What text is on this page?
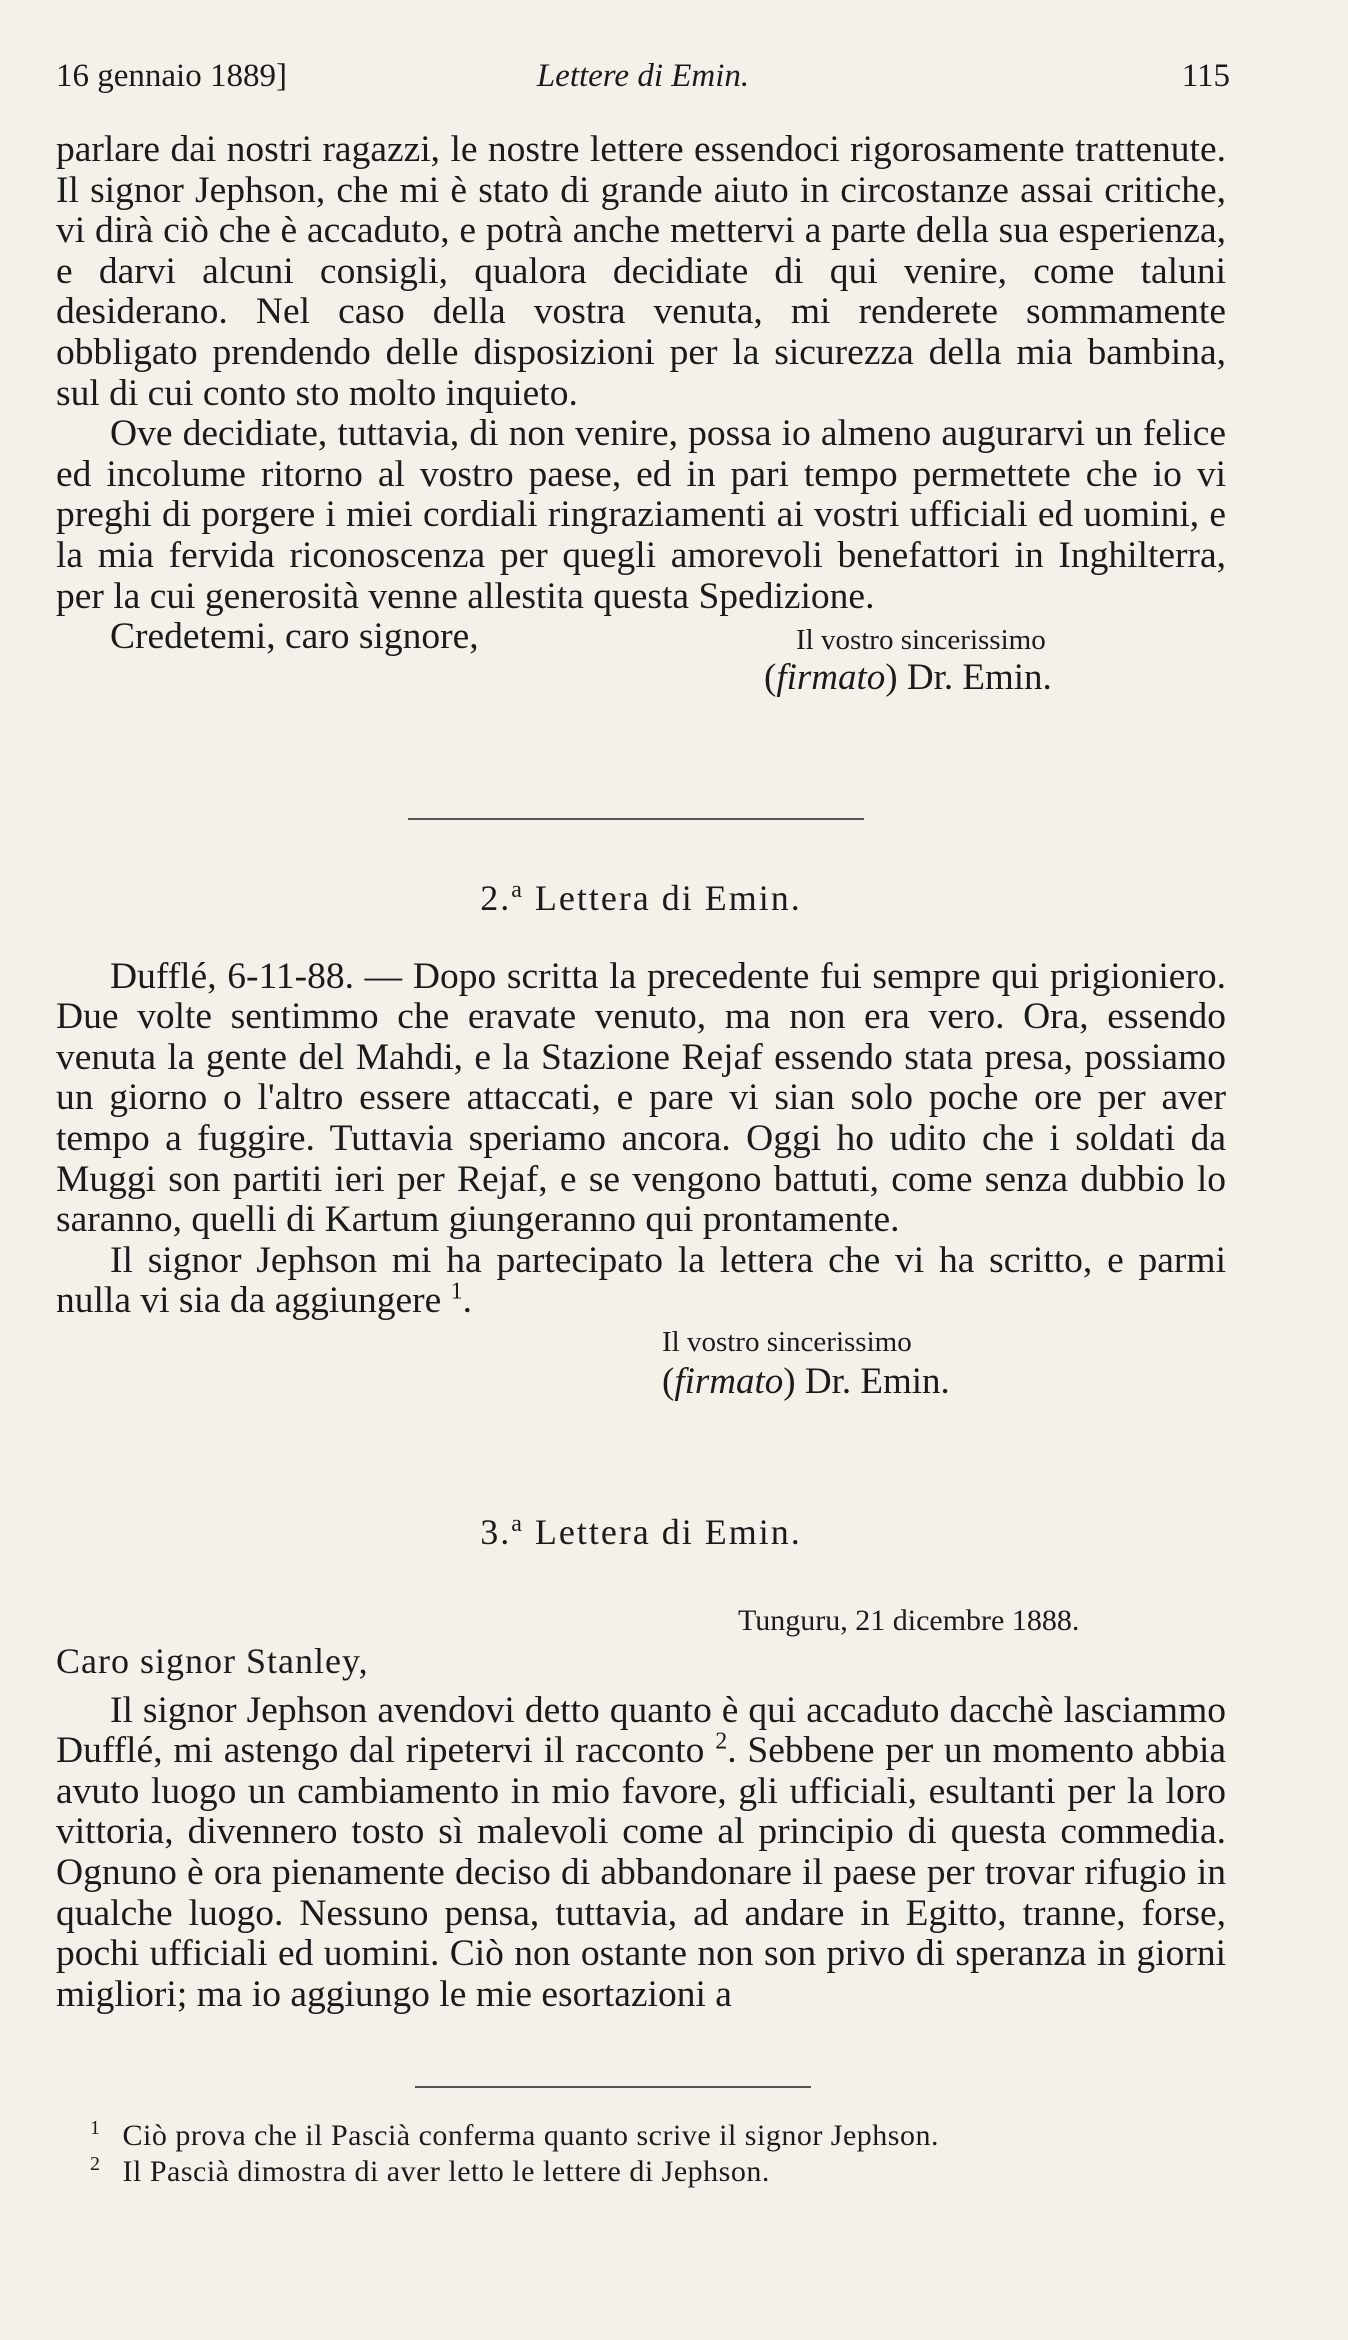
16 gennaio 1889]	Lettere di Emin.	115

parlare dai nostri ragazzi, le nostre lettere essendoci rigorosamente trattenute. Il signor Jephson, che mi è stato di grande aiuto in circostanze assai critiche, vi dirà ciò che è accaduto, e potrà anche mettervi a parte della sua esperienza, e darvi alcuni consigli, qualora decidiate di qui venire, come taluni desiderano. Nel caso della vostra venuta, mi renderete sommamente obbligato prendendo delle disposizioni per la sicurezza della mia bambina, sul di cui conto sto molto inquieto.

Ove decidiate, tuttavia, di non venire, possa io almeno augurarvi un felice ed incolume ritorno al vostro paese, ed in pari tempo permettete che io vi preghi di porgere i miei cordiali ringraziamenti ai vostri ufficiali ed uomini, e la mia fervida riconoscenza per quegli amorevoli benefattori in Inghilterra, per la cui generosità venne allestita questa Spedizione.

Credetemi, caro signore,	Il vostro sincerissimo
(firmato) Dr. Emin.
2.$^a$ Lettera di Emin.

Dufflé, 6-11-88. — Dopo scritta la precedente fui sempre qui prigioniero. Due volte sentimmo che eravate venuto, ma non era vero. Ora, essendo venuta la gente del Mahdi, e la Stazione Rejaf essendo stata presa, possiamo un giorno o l'altro essere attaccati, e pare vi sian solo poche ore per aver tempo a fuggire. Tuttavia speriamo ancora. Oggi ho udito che i soldati da Muggi son partiti ieri per Rejaf, e se vengono battuti, come senza dubbio lo saranno, quelli di Kartum giungeranno qui prontamente.

Il signor Jephson mi ha partecipato la lettera che vi ha scritto, e parmi nulla vi sia da aggiungere $^1$.

Il vostro sincerissimo
(firmato) Dr. Emin.
3.$^a$ Lettera di Emin.
Tunguru, 21 dicembre 1888.
Caro signor Stanley,

Il signor Jephson avendovi detto quanto è qui accaduto dacchè lasciammo Dufflé, mi astengo dal ripetervi il racconto $^2$. Sebbene per un momento abbia avuto luogo un cambiamento in mio favore, gli ufficiali, esultanti per la loro vittoria, divennero tosto sì malevoli come al principio di questa commedia. Ognuno è ora pienamente deciso di abbandonare il paese per trovar rifugio in qualche luogo. Nessuno pensa, tuttavia, ad andare in Egitto, tranne, forse, pochi ufficiali ed uomini. Ciò non ostante non son privo di speranza in giorni migliori; ma io aggiungo le mie esortazioni a

$^1$ Ciò prova che il Pascià conferma quanto scrive il signor Jephson.
$^2$ Il Pascià dimostra di aver letto le lettere di Jephson.
